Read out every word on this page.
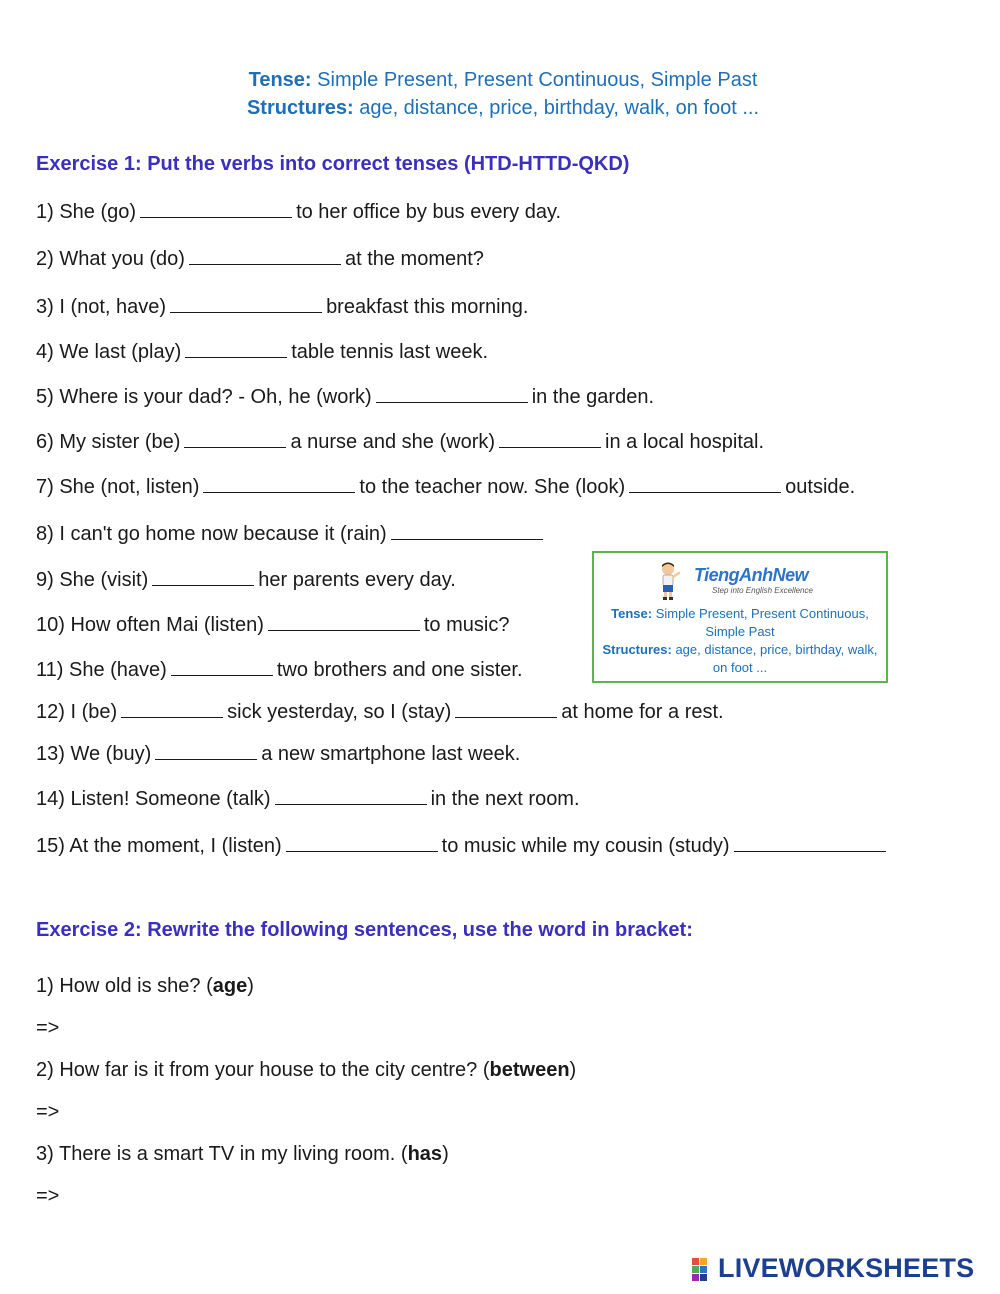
Tense: Simple Present, Present Continuous, Simple Past
Structures: age, distance, price, birthday, walk, on foot ...
Exercise 1: Put the verbs into correct tenses (HTD-HTTD-QKD)
1) She (go)	to her office by bus every day.
2) What you (do)	at the moment?
3) I (not, have)	breakfast this morning.
4) We last (play)	table tennis last week.
5) Where is your dad? - Oh, he (work)	in the garden.
6) My sister (be)	a nurse and she (work)	in a local hospital.
7) She (not, listen)	to the teacher now. She (look)	outside.
8) I can't go home now because it (rain)
9) She (visit)	her parents every day.
10) How often Mai (listen)	to music?
11) She (have)	two brothers and one sister.
12) I (be)	sick yesterday, so I (stay)	at home for a rest.
13) We (buy)	a new smartphone last week.
14) Listen! Someone (talk)	in the next room.
15) At the moment, I (listen)	to music while my cousin (study)
TiengAnhNew
Step into English Excellence
Tense: Simple Present, Present Continuous, Simple Past
Structures: age, distance, price, birthday, walk, on foot ...
Exercise 2: Rewrite the following sentences, use the word in bracket:
1) How old is she? (age)
=>
2) How far is it from your house to the city centre? (between)
=>
3) There is a smart TV in my living room. (has)
=>
LIVEWORKSHEETS
